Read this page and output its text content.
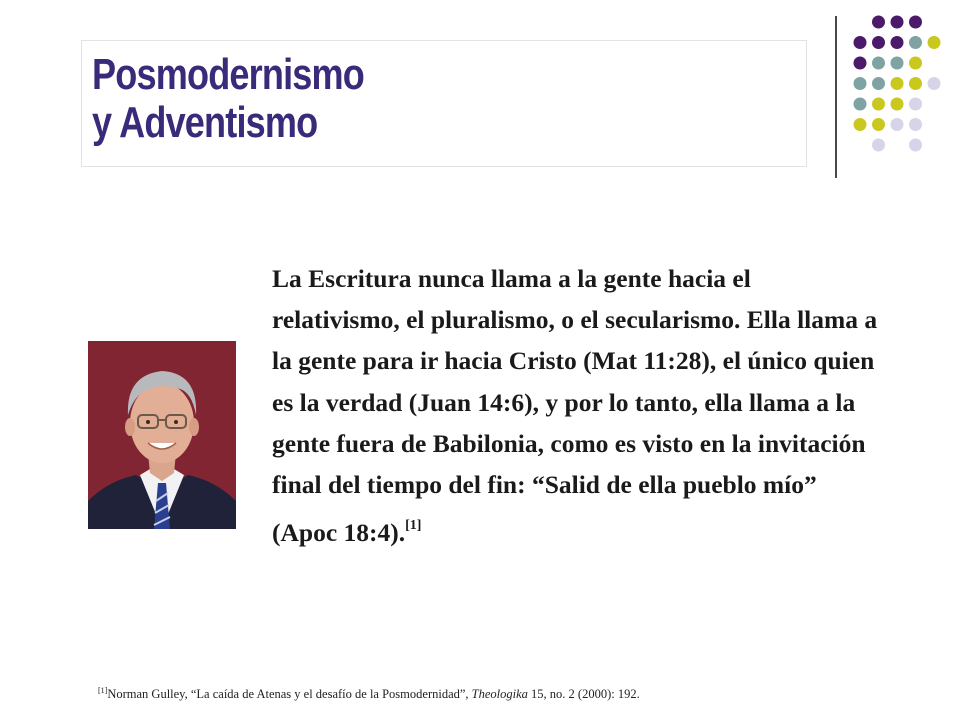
Posmodernismo
y Adventismo

La Escritura nunca llama a la gente hacia el relativismo, el pluralismo, o el secularismo. Ella llama a la gente para ir hacia Cristo (Mat 11:28), el único quien es la verdad (Juan 14:6), y por lo tanto, ella llama a la gente fuera de Babilonia, como es visto en la invitación final del tiempo del fin: “Salid de ella pueblo mío” (Apoc 18:4).[1]

[1]Norman Gulley, “La caída de Atenas y el desafío de la Posmodernidad”, Theologika 15, no. 2 (2000): 192.
